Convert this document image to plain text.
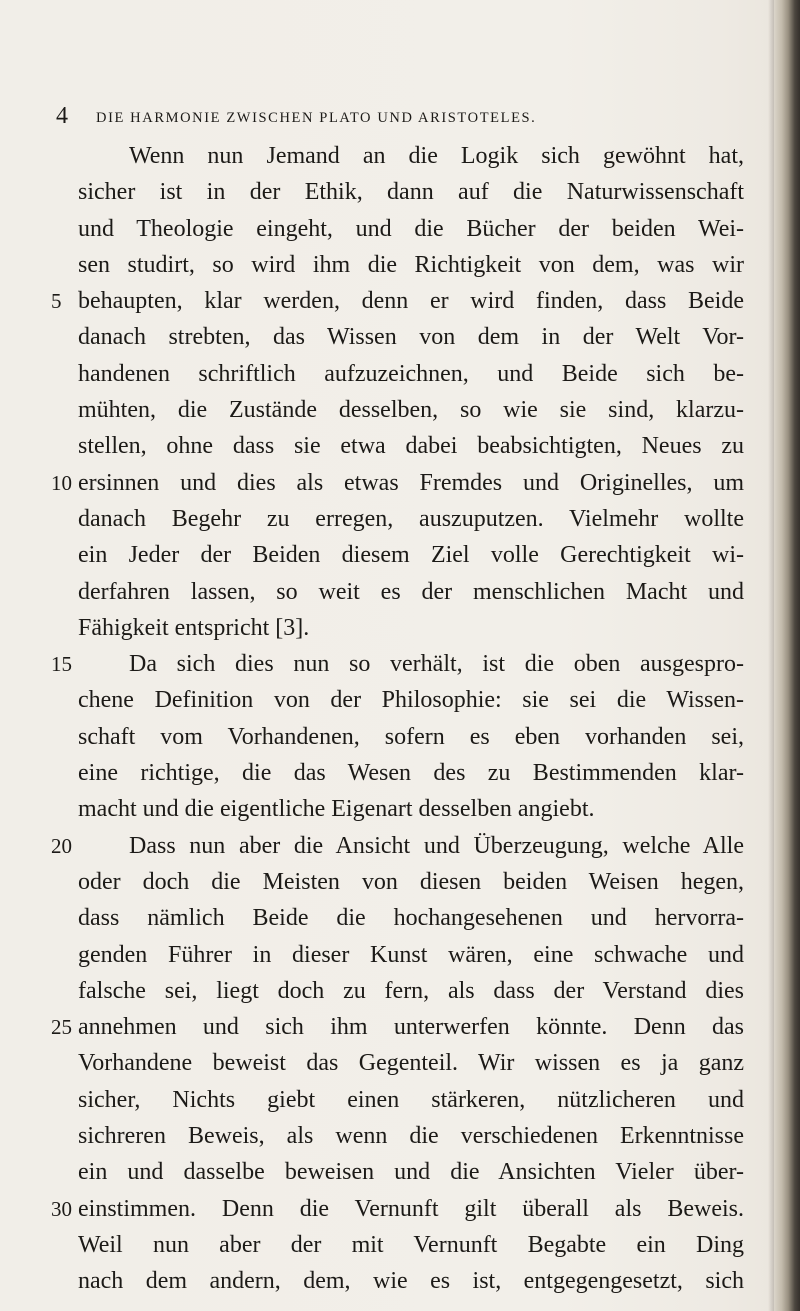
4 DIE HARMONIE ZWISCHEN PLATO UND ARISTOTELES.
Wenn nun Jemand an die Logik sich gewöhnt hat,
sicher ist in der Ethik, dann auf die Naturwissenschaft
und Theologie eingeht, und die Bücher der beiden Wei-
sen studirt, so wird ihm die Richtigkeit von dem, was wir
5 behaupten, klar werden, denn er wird finden, dass Beide
danach strebten, das Wissen von dem in der Welt Vor-
handenen schriftlich aufzuzeichnen, und Beide sich be-
mühten, die Zustände desselben, so wie sie sind, klarzu-
stellen, ohne dass sie etwa dabei beabsichtigten, Neues zu
10 ersinnen und dies als etwas Fremdes und Originelles, um
danach Begehr zu erregen, auszuputzen. Vielmehr wollte
ein Jeder der Beiden diesem Ziel volle Gerechtigkeit wi-
derfahren lassen, so weit es der menschlichen Macht und
Fähigkeit entspricht [3].
15 Da sich dies nun so verhält, ist die oben ausgespro-
chene Definition von der Philosophie: sie sei die Wissen-
schaft vom Vorhandenen, sofern es eben vorhanden sei,
eine richtige, die das Wesen des zu Bestimmenden klar-
macht und die eigentliche Eigenart desselben angiebt.
20 Dass nun aber die Ansicht und Überzeugung, welche Alle
oder doch die Meisten von diesen beiden Weisen hegen,
dass nämlich Beide die hochangesehenen und hervorra-
genden Führer in dieser Kunst wären, eine schwache und
falsche sei, liegt doch zu fern, als dass der Verstand dies
25 annehmen und sich ihm unterwerfen könnte. Denn das
Vorhandene beweist das Gegenteil. Wir wissen es ja ganz
sicher, Nichts giebt einen stärkeren, nützlicheren und
sichreren Beweis, als wenn die verschiedenen Erkenntnisse
ein und dasselbe beweisen und die Ansichten Vieler über-
30 einstimmen. Denn die Vernunft gilt überall als Beweis.
Weil nun aber der mit Vernunft Begabte ein Ding
nach dem andern, dem, wie es ist, entgegengesetzt, sich
